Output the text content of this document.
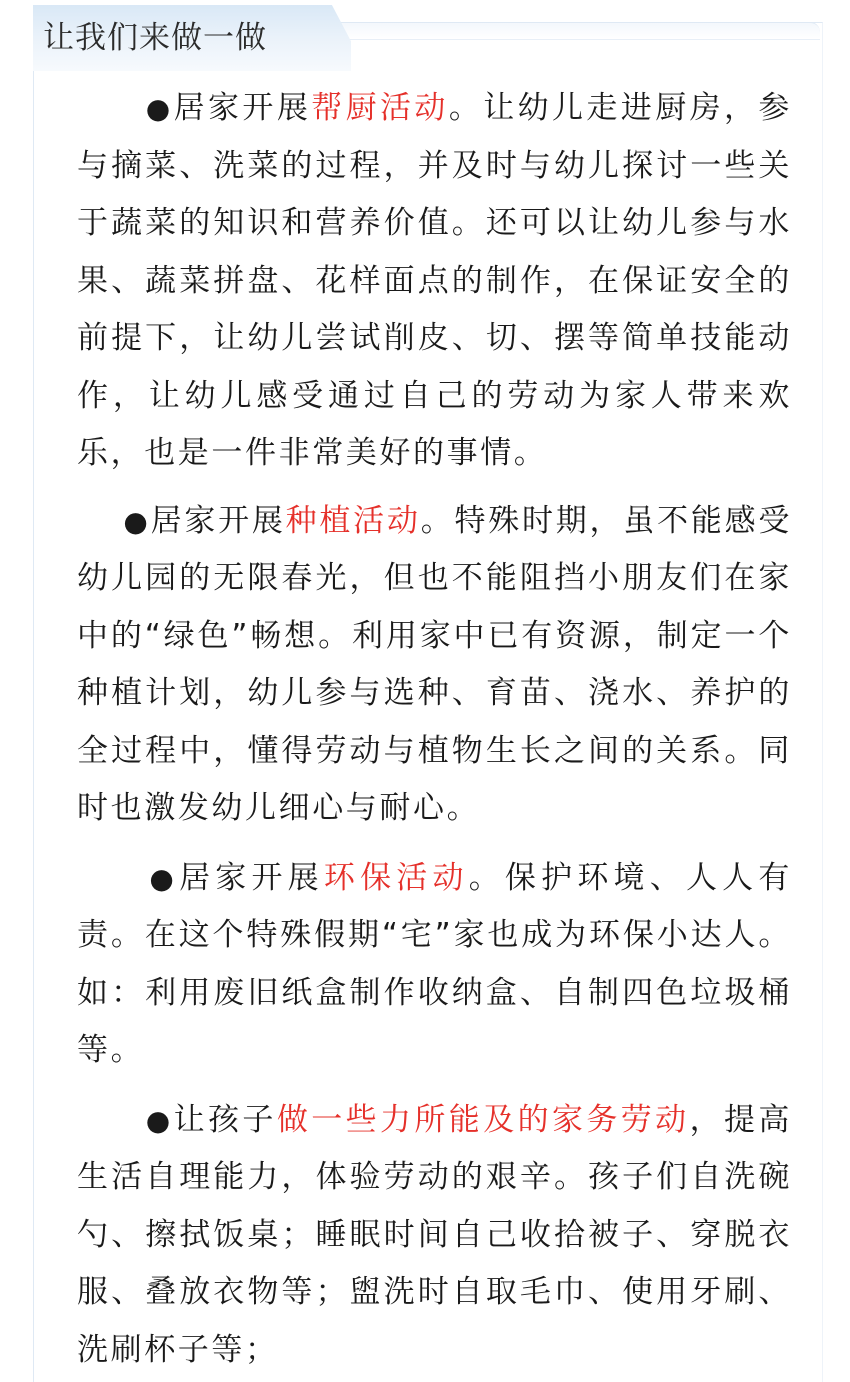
让我们来做一做

　　●居家开展帮厨活动。让幼儿走进厨房，参与摘菜、洗菜的过程，并及时与幼儿探讨一些关于蔬菜的知识和营养价值。还可以让幼儿参与水果、蔬菜拼盘、花样面点的制作，在保证安全的前提下，让幼儿尝试削皮、切、摆等简单技能动作，让幼儿感受通过自己的劳动为家人带来欢乐，也是一件非常美好的事情。

　 ●居家开展种植活动。特殊时期，虽不能感受幼儿园的无限春光，但也不能阻挡小朋友们在家中的“绿色”畅想。利用家中已有资源，制定一个种植计划，幼儿参与选种、育苗、浇水、养护的全过程中，懂得劳动与植物生长之间的关系。同时也激发幼儿细心与耐心。

　　●居家开展环保活动。保护环境、人人有责。在这个特殊假期“宅”家也成为环保小达人。如：利用废旧纸盒制作收纳盒、自制四色垃圾桶等。

　　●让孩子做一些力所能及的家务劳动，提高生活自理能力，体验劳动的艰辛。孩子们自洗碗勺、擦拭饭桌；睡眠时间自己收拾被子、穿脱衣服、叠放衣物等；盥洗时自取毛巾、使用牙刷、洗刷杯子等；
